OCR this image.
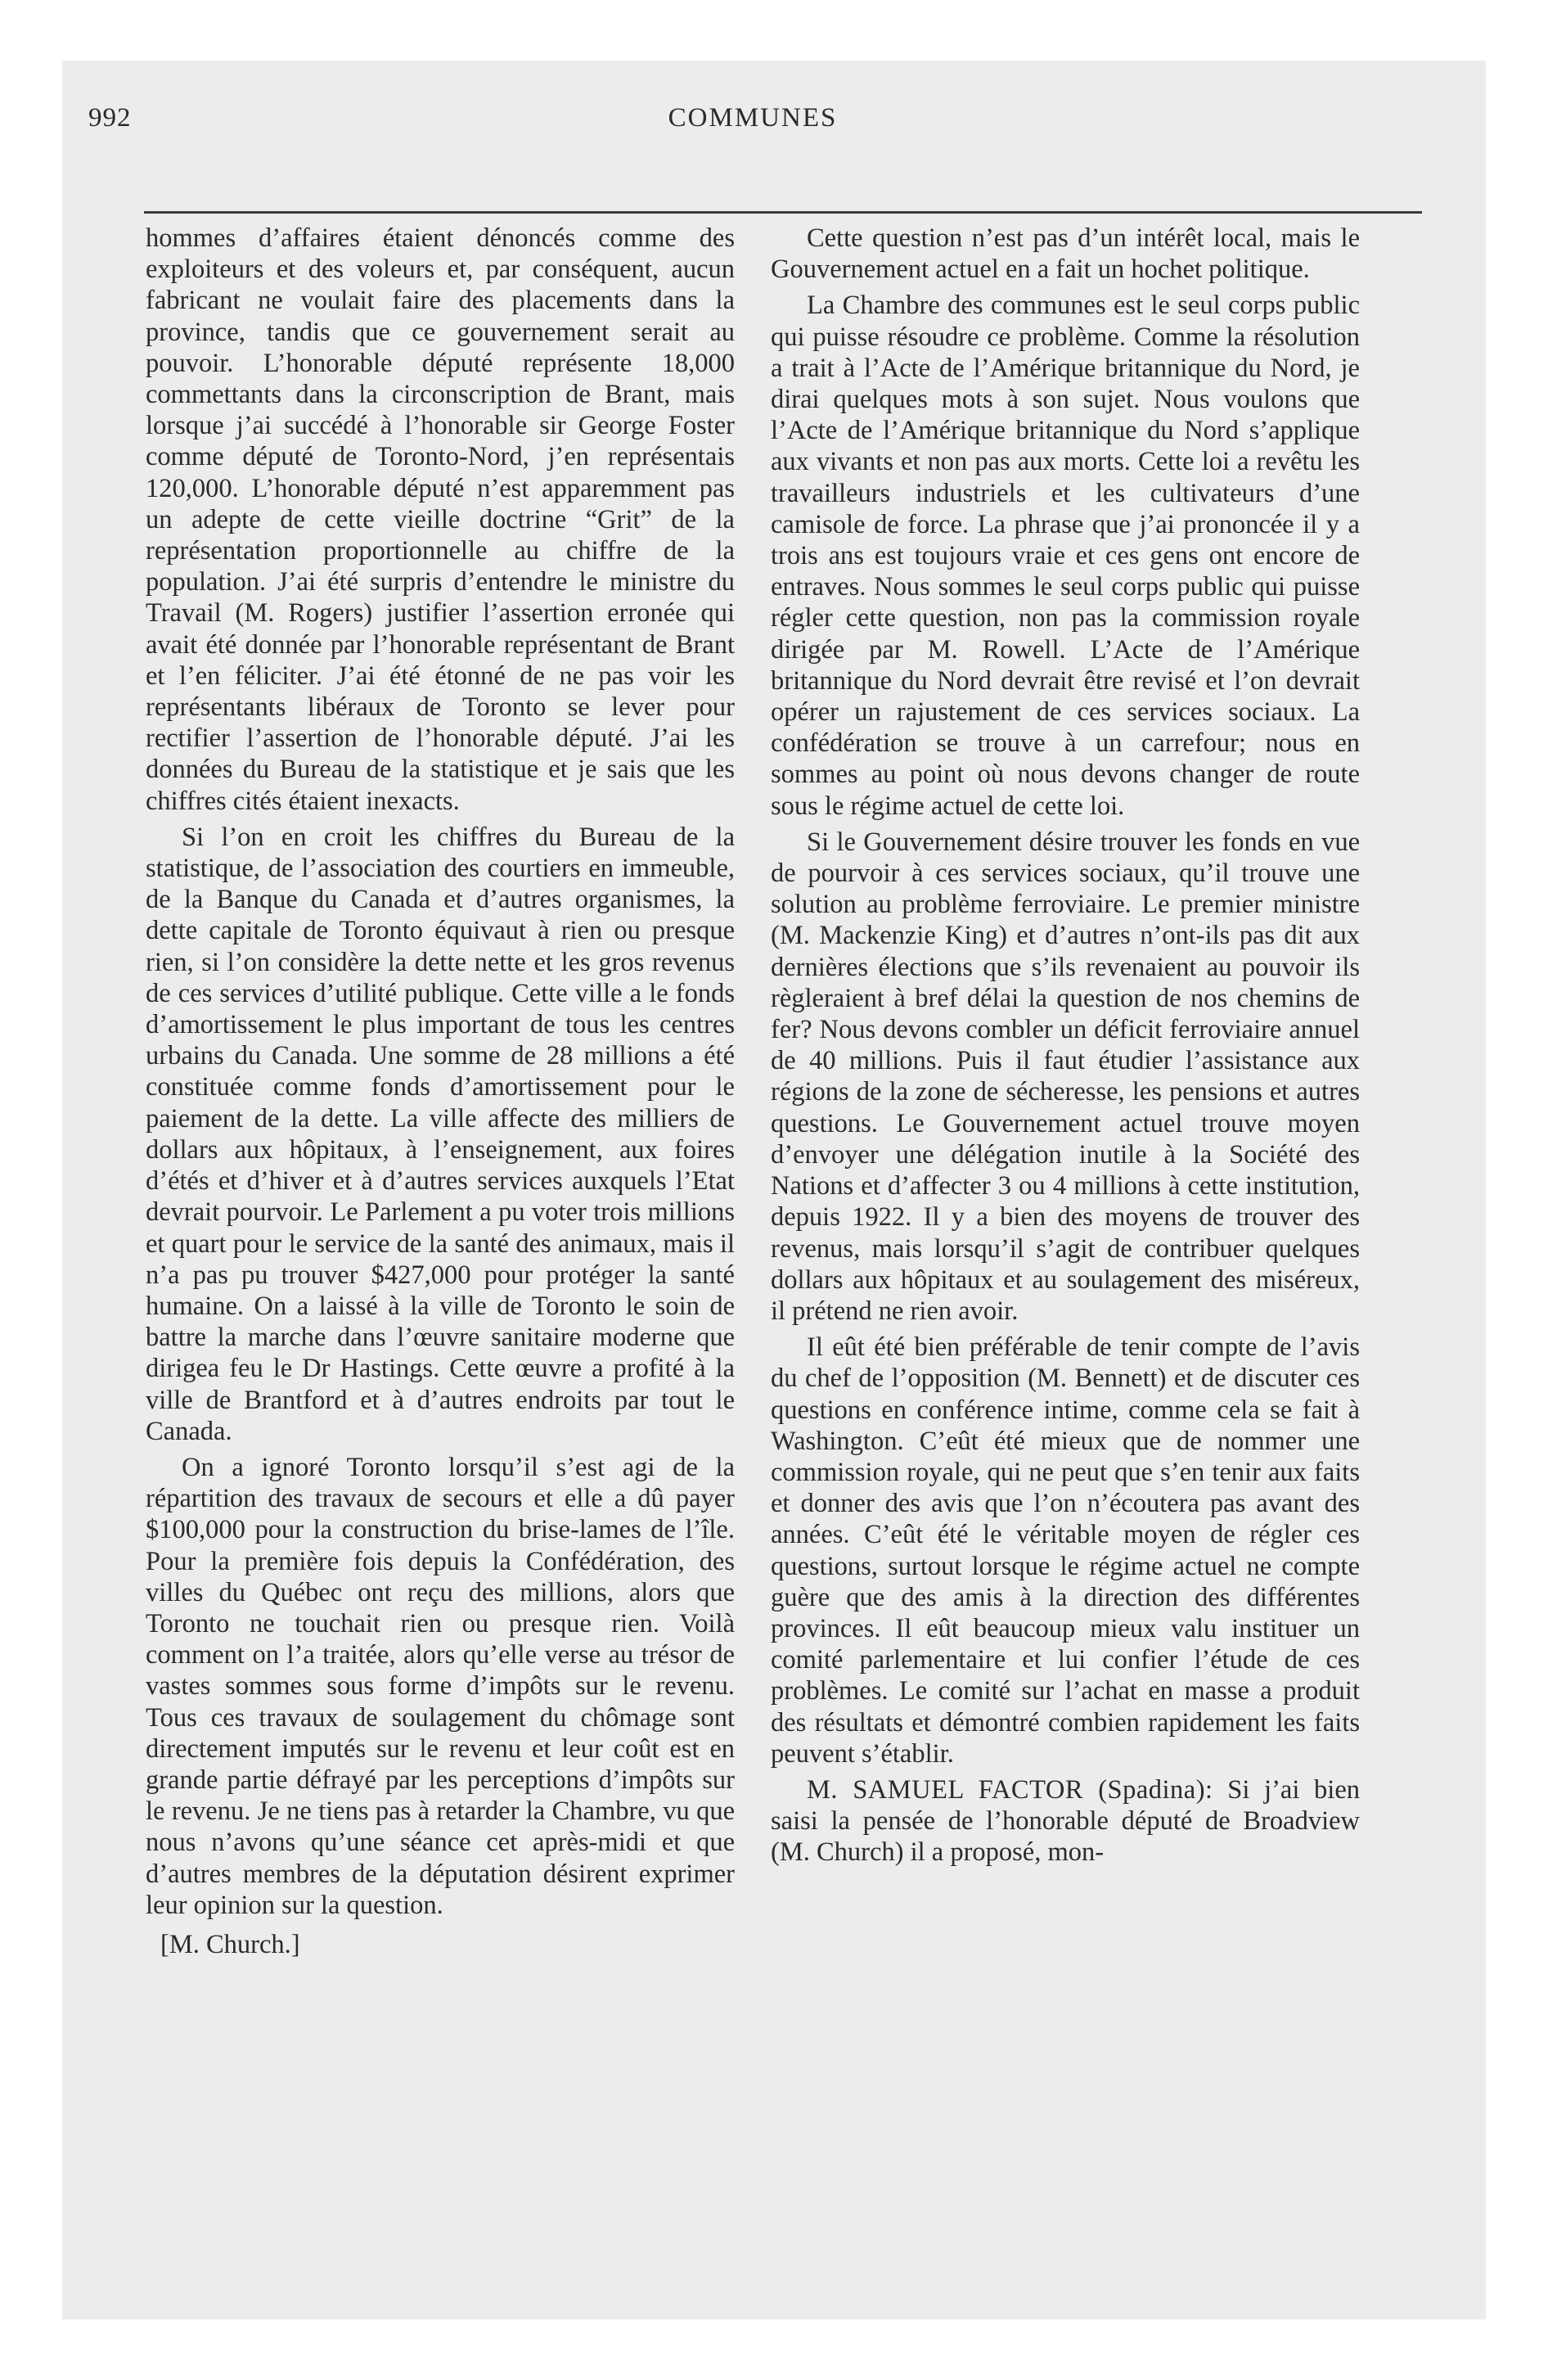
992	COMMUNES

hommes d’affaires étaient dénoncés comme des exploiteurs et des voleurs et, par conséquent, aucun fabricant ne voulait faire des placements dans la province, tandis que ce gouvernement serait au pouvoir. L’honorable député représente 18,000 commettants dans la circonscription de Brant, mais lorsque j’ai succédé à l’honorable sir George Foster comme député de Toronto-Nord, j’en représentais 120,000. L’honorable député n’est apparemment pas un adepte de cette vieille doctrine “Grit” de la représentation proportionnelle au chiffre de la population. J’ai été surpris d’entendre le ministre du Travail (M. Rogers) justifier l’assertion erronée qui avait été donnée par l’honorable représentant de Brant et l’en féliciter. J’ai été étonné de ne pas voir les représentants libéraux de Toronto se lever pour rectifier l’assertion de l’honorable député. J’ai les données du Bureau de la statistique et je sais que les chiffres cités étaient inexacts.

Si l’on en croit les chiffres du Bureau de la statistique, de l’association des courtiers en immeuble, de la Banque du Canada et d’autres organismes, la dette capitale de Toronto équivaut à rien ou presque rien, si l’on considère la dette nette et les gros revenus de ces services d’utilité publique. Cette ville a le fonds d’amortissement le plus important de tous les centres urbains du Canada. Une somme de 28 millions a été constituée comme fonds d’amortissement pour le paiement de la dette. La ville affecte des milliers de dollars aux hôpitaux, à l’enseignement, aux foires d’étés et d’hiver et à d’autres services auxquels l’Etat devrait pourvoir. Le Parlement a pu voter trois millions et quart pour le service de la santé des animaux, mais il n’a pas pu trouver $427,000 pour protéger la santé humaine. On a laissé à la ville de Toronto le soin de battre la marche dans l’œuvre sanitaire moderne que dirigea feu le Dr Hastings. Cette œuvre a profité à la ville de Brantford et à d’autres endroits par tout le Canada.

On a ignoré Toronto lorsqu’il s’est agi de la répartition des travaux de secours et elle a dû payer $100,000 pour la construction du brise-lames de l’île. Pour la première fois depuis la Confédération, des villes du Québec ont reçu des millions, alors que Toronto ne touchait rien ou presque rien. Voilà comment on l’a traitée, alors qu’elle verse au trésor de vastes sommes sous forme d’impôts sur le revenu. Tous ces travaux de soulagement du chômage sont directement imputés sur le revenu et leur coût est en grande partie défrayé par les perceptions d’impôts sur le revenu. Je ne tiens pas à retarder la Chambre, vu que nous n’avons qu’une séance cet après-midi et que d’autres membres de la députation désirent exprimer leur opinion sur la question.

[M. Church.]

Cette question n’est pas d’un intérêt local, mais le Gouvernement actuel en a fait un hochet politique.

La Chambre des communes est le seul corps public qui puisse résoudre ce problème. Comme la résolution a trait à l’Acte de l’Amérique britannique du Nord, je dirai quelques mots à son sujet. Nous voulons que l’Acte de l’Amérique britannique du Nord s’applique aux vivants et non pas aux morts. Cette loi a revêtu les travailleurs industriels et les cultivateurs d’une camisole de force. La phrase que j’ai prononcée il y a trois ans est toujours vraie et ces gens ont encore de entraves. Nous sommes le seul corps public qui puisse régler cette question, non pas la commission royale dirigée par M. Rowell. L’Acte de l’Amérique britannique du Nord devrait être revisé et l’on devrait opérer un rajustement de ces services sociaux. La confédération se trouve à un carrefour; nous en sommes au point où nous devons changer de route sous le régime actuel de cette loi.

Si le Gouvernement désire trouver les fonds en vue de pourvoir à ces services sociaux, qu’il trouve une solution au problème ferroviaire. Le premier ministre (M. Mackenzie King) et d’autres n’ont-ils pas dit aux dernières élections que s’ils revenaient au pouvoir ils règleraient à bref délai la question de nos chemins de fer? Nous devons combler un déficit ferroviaire annuel de 40 millions. Puis il faut étudier l’assistance aux régions de la zone de sécheresse, les pensions et autres questions. Le Gouvernement actuel trouve moyen d’envoyer une délégation inutile à la Société des Nations et d’affecter 3 ou 4 millions à cette institution, depuis 1922. Il y a bien des moyens de trouver des revenus, mais lorsqu’il s’agit de contribuer quelques dollars aux hôpitaux et au soulagement des miséreux, il prétend ne rien avoir.

Il eût été bien préférable de tenir compte de l’avis du chef de l’opposition (M. Bennett) et de discuter ces questions en conférence intime, comme cela se fait à Washington. C’eût été mieux que de nommer une commission royale, qui ne peut que s’en tenir aux faits et donner des avis que l’on n’écoutera pas avant des années. C’eût été le véritable moyen de régler ces questions, surtout lorsque le régime actuel ne compte guère que des amis à la direction des différentes provinces. Il eût beaucoup mieux valu instituer un comité parlementaire et lui confier l’étude de ces problèmes. Le comité sur l’achat en masse a produit des résultats et démontré combien rapidement les faits peuvent s’établir.

M. SAMUEL FACTOR (Spadina): Si j’ai bien saisi la pensée de l’honorable député de Broadview (M. Church) il a proposé, mon-
